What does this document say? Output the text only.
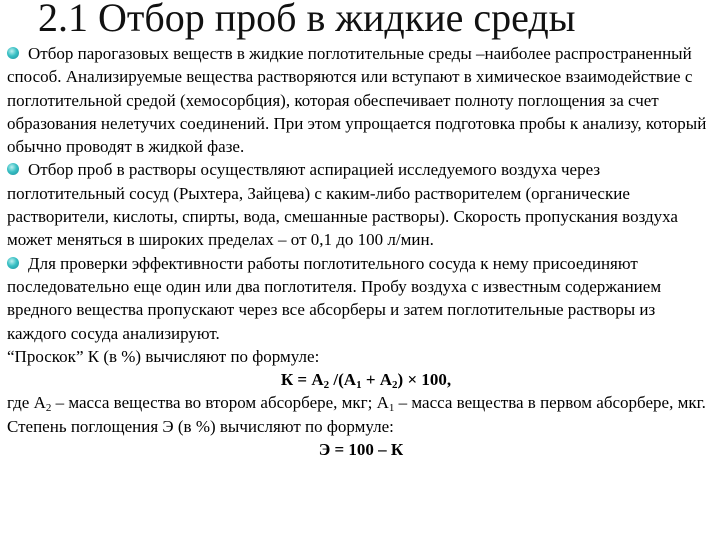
2.1 Отбор проб в жидкие среды

Отбор парогазовых веществ в жидкие поглотительные среды –наиболее распространенный способ. Анализируемые вещества растворяются или вступают в химическое взаимодействие с поглотительной средой (хемосорбция), которая обеспечивает полноту поглощения за счет образования нелетучих соединений. При этом упрощается подготовка пробы к анализу, который обычно проводят в жидкой фазе.

Отбор проб в растворы осуществляют аспирацией исследуемого воздуха через поглотительный сосуд (Рыхтера, Зайцева) с каким-либо растворителем (органические растворители, кислоты, спирты, вода, смешанные растворы). Скорость пропускания воздуха может меняться в широких пределах – от 0,1 до 100 л/мин.

Для проверки эффективности работы поглотительного сосуда к нему присоединяют последовательно еще один или два поглотителя. Пробу воздуха с известным содержанием вредного вещества пропускают через все абсорберы и затем поглотительные растворы из каждого сосуда анализируют.

“Проскок” К (в %) вычисляют по формуле:

$К = А_2$ $/(А_1 + А_2) \times 100$,

где $А_2$ – масса вещества во втором абсорбере, мкг; $А_1$ – масса вещества в первом абсорбере, мкг.

Степень поглощения Э (в %) вычисляют по формуле:

Э = 100 – К
